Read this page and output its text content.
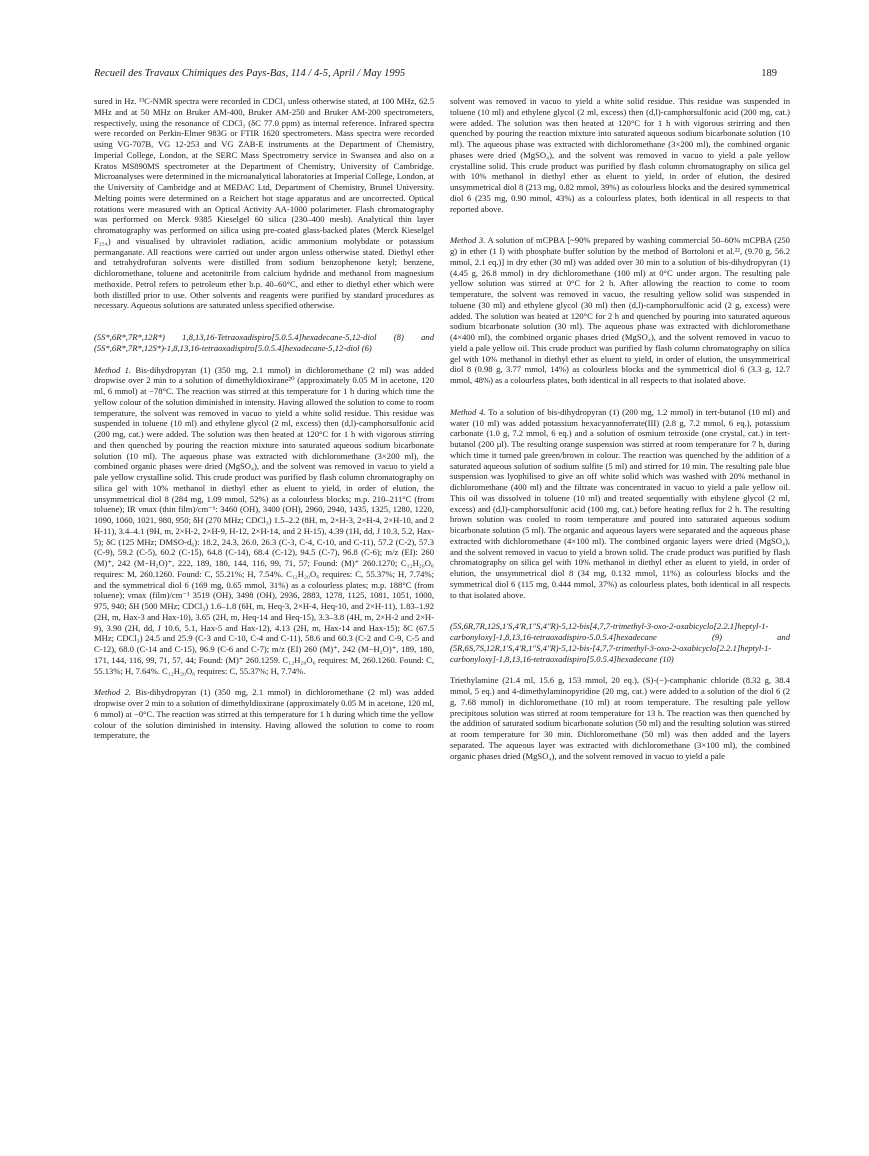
Recueil des Travaux Chimiques des Pays-Bas, 114 / 4-5, April / May 1995	189

sured in Hz. ¹³C-NMR spectra were recorded in CDCl₃ unless otherwise stated, at 100 MHz, 62.5 MHz and at 50 MHz on Bruker AM-400, Bruker AM-250 and Bruker AM-200 spectrometers, respectively, using the resonance of CDCl₃ (δC 77.0 ppm) as internal reference. Infrared spectra were recorded on Perkin-Elmer 983G or FTIR 1620 spectrometers. Mass spectra were recorded using VG-707B, VG 12-253 and VG ZAB-E instruments at the Department of Chemistry, Imperial College, London, at the SERC Mass Spectrometry service in Swansea and also on a Kratos MS890MS spectrometer at the Department of Chemistry, University of Cambridge. Microanalyses were determined in the microanalytical laboratories at Imperial College, London, at the University of Cambridge and at MEDAC Ltd, Department of Chemistry, Brunel University. Melting points were determined on a Reichert hot stage apparatus and are uncorrected. Optical rotations were measured with an Optical Activity AA-1000 polarimeter. Flash chromatography was performed on Merck 9385 Kieselgel 60 silica (230–400 mesh). Analytical thin layer chromatography was performed on silica using pre-coated glass-backed plates (Merck Kieselgel F₂₅₄) and visualised by ultraviolet radiation, acidic ammonium molybdate or potassium permanganate. All reactions were carried out under argon unless otherwise stated. Diethyl ether and tetrahydrofuran solvents were distilled from sodium benzophenone ketyl; benzene, dichloromethane, toluene and acetonitrile from calcium hydride and methanol from magnesium methoxide. Petrol refers to petroleum ether b.p. 40–60°C, and ether to diethyl ether which were both distilled prior to use. Other solvents and reagents were purified by standard procedures as necessary. Aqueous solutions are saturated unless specified otherwise.

(5S*,6R*,7R*,12R*) 1,8,13,16-Tetraoxadispiro[5.0.5.4]hexadecane-5,12-diol (8) and (5S*,6R*,7R*,12S*)-1,8,13,16-tetraoxadispiro[5.0.5.4]hexadecane-5,12-diol (6)

Method 1. Bis-dihydropyran (1) (350 mg, 2.1 mmol) in dichloromethane (2 ml) was added dropwise over 2 min to a solution of dimethyldioxirane²⁰ (approximately 0.05 M in acetone, 120 ml, 6 mmol) at −78°C. The reaction was stirred at this temperature for 1 h during which time the yellow colour of the solution diminished in intensity. Having allowed the solution to come to room temperature, the solvent was removed in vacuo to yield a white solid residue. This residue was suspended in toluene (10 ml) and ethylene glycol (2 ml, excess) then (d,l)-camphorsulfonic acid (200 mg, cat.) were added. The solution was then heated at 120°C for 1 h with vigorous stirring and then quenched by pouring the reaction mixture into saturated aqueous sodium bicarbonate solution (10 ml). The aqueous phase was extracted with dichloromethane (3×200 ml), the combined organic phases were dried (MgSO₄), and the solvent was removed in vacuo to yield a pale yellow crystalline solid. This crude product was purified by flash column chromatography on silica gel with 10% methanol in diethyl ether as eluent to yield, in order of elution, the unsymmetrical diol 8 (284 mg, 1.09 mmol, 52%) as a colourless blocks; m.p. 210–211°C (from toluene); IR νmax (thin film)/cm⁻¹: 3460 (OH), 3400 (OH), 2960, 2940, 1435, 1325, 1280, 1220, 1090, 1060, 1021, 980, 950; δH (270 MHz; CDCl₃) 1.5–2.2 (8H, m, 2×H-3, 2×H-4, 2×H-10, and 2 H-11), 3.4–4.1 (9H, m, 2×H-2, 2×H-9, H-12, 2×H-14, and 2 H-15), 4.39 (1H, dd, J 10.3, 5.2, Hax-5); δC (125 MHz; DMSO-d₆): 18.2, 24.3, 26.0, 26.3 (C-3, C-4, C-10, and C-11), 57.2 (C-2), 57.3 (C-9), 59.2 (C-5), 60.2 (C-15), 64.8 (C-14), 68.4 (C-12), 94.5 (C-7), 96.8 (C-6); m/z (EI): 260 (M)⁺, 242 (M−H₂O)⁺, 222, 189, 180, 144, 116, 99, 71, 57; Found: (M)⁺ 260.1270; C₁₂H₂₀O₆ requires: M, 260.1260. Found: C, 55.21%; H, 7.54%. C₁₂H₂₀O₆ requires: C, 55.37%; H, 7.74%; and the symmetrical diol 6 (169 mg, 0.65 mmol, 31%) as a colourless plates; m.p. 188°C (from toluene); νmax (film)/cm⁻¹ 3519 (OH), 3498 (OH), 2936, 2883, 1278, 1125, 1081, 1051, 1000, 975, 940; δH (500 MHz; CDCl₃) 1.6–1.8 (6H, m, Heq-3, 2×H-4, Heq-10, and 2×H-11), 1.83–1.92 (2H, m, Hax-3 and Hax-10), 3.65 (2H, m, Heq-14 and Heq-15), 3.3–3.8 (4H, m, 2×H-2 and 2×H-9), 3.90 (2H, dd, J 10.6, 5.1, Hax-5 and Hax-12), 4.13 (2H, m, Hax-14 and Hax-15); δC (67.5 MHz; CDCl₃) 24.5 and 25.9 (C-3 and C-10, C-4 and C-11), 58.6 and 60.3 (C-2 and C-9, C-5 and C-12), 68.0 (C-14 and C-15), 96.9 (C-6 and C-7); m/z (EI) 260 (M)⁺, 242 (M−H₂O)⁺, 189, 180, 171, 144, 116, 99, 71, 57, 44; Found: (M)⁺ 260.1259. C₁₂H₂₀O₆ requires: M, 260.1260. Found: C, 55.13%; H, 7.64%. C₁₂H₂₀O₆ requires: C, 55.37%; H, 7.74%.

Method 2. Bis-dihydropyran (1) (350 mg, 2.1 mmol) in dichloromethane (2 ml) was added dropwise over 2 min to a solution of dimethyldioxirane (approximately 0.05 M in acetone, 120 ml, 6 mmol) at −0°C. The reaction was stirred at this temperature for 1 h during which time the yellow colour of the solution diminished in intensity. Having allowed the solution to come to room temperature, the

solvent was removed in vacuo to yield a white solid residue. This residue was suspended in toluene (10 ml) and ethylene glycol (2 ml, excess) then (d,l)-camphorsulfonic acid (200 mg, cat.) were added. The solution was then heated at 120°C for 1 h with vigorous strirring and then quenched by pouring the reaction mixture into saturated aqueous sodium bicarbonate solution (10 ml). The aqueous phase was extracted with dichloromethane (3×200 ml), the combined organic phases were dried (MgSO₄), and the solvent was removed in vacuo to yield a pale yellow crystalline solid. This crude product was purified by flash column chromatography on silica gel with 10% methanol in diethyl ether as eluent to yield, in order of elution, the desired unsymmetrical diol 8 (213 mg, 0.82 mmol, 39%) as colourless blocks and the desired symmetrical diol 6 (235 mg, 0.90 mmol, 43%) as a colourless plates, both identical in all respects to that reported above.

Method 3. A solution of mCPBA [~90% prepared by washing commercial 50–60% mCPBA (250 g) in ether (1 l) with phosphate buffer solution by the method of Bortoloni et al.²², (9.70 g, 56.2 mmol, 2.1 eq.)] in dry ether (30 ml) was added over 30 min to a solution of bis-dihydropyran (1) (4.45 g, 26.8 mmol) in dry dichloromethane (100 ml) at 0°C under argon. The resulting pale yellow solution was stirred at 0°C for 2 h. After allowing the reaction to come to room temperature, the solvent was removed in vacuo, the resulting yellow solid was suspended in toluene (30 ml) and ethylene glycol (30 ml) then (d,l)-camphorsulfonic acid (2 g, excess) were added. The solution was heated at 120°C for 2 h and quenched by pouring into saturated aqueous sodium bicarbonate solution (30 ml). The aqueous phase was extracted with dichloromethane (4×400 ml), the combined organic phases dried (MgSO₄), and the solvent removed in vacuo to yield a pale yellow oil. This crude product was purified by flash column chromatography on silica gel with 10% methanol in diethyl ether as eluent to yield, in order of elution, the unsymmetrical diol 8 (0.98 g, 3.77 mmol, 14%) as colourless blocks and the symmetrical diol 6 (3.3 g, 12.7 mmol, 48%) as a colourless plates, both identical in all respects to that isolated above.

Method 4. To a solution of bis-dihydropyran (1) (200 mg, 1.2 mmol) in tert-butanol (10 ml) and water (10 ml) was added potassium hexacyannoferrate(III) (2.8 g, 7.2 mmol, 6 eq.), potassium carbonate (1.0 g, 7.2 mmol, 6 eq.) and a solution of osmium tetroxide (one crystal, cat.) in tert-butanol (200 µl). The resulting orange suspension was stirred at room temperature for 7 h, during which time it turned pale green/brown in colour. The reaction was quenched by the addition of a saturated aqueous solution of sodium sulfite (5 ml) and stirred for 10 min. The resulting pale blue suspension was lyophilised to give an off white solid which was washed with 20% methanol in dichloromethane (400 ml) and the filtrate was concentrated in vacuo to yield a pale yellow oil. This oil was dissolved in toluene (10 ml) and treated sequentially with ethylene glycol (2 ml, excess) and (d,l)-camphorsulfonic acid (100 mg, cat.) before heating reflux for 2 h. The resulting brown solution was cooled to room temperature and poured into saturated aqueous sodium bicarbonate solution (5 ml). The organic and aqueous layers were separated and the aqueous phase extracted with dichloromethane (4×100 ml). The combined organic layers were dried (MgSO₄), and the solvent removed in vacuo to yield a brown solid. The crude product was purified by flash chromatography on silica gel with 10% methanol in diethyl ether as eluent to yield, in order of elution, the unsymmetrical diol 8 (34 mg, 0.132 mmol, 11%) as colourless blocks and the symmetrical diol 6 (115 mg, 0.444 mmol, 37%) as colourless plates, both identical in all respects to that isolated above.

(5S,6R,7R,12S,1'S,4'R,1''S,4''R)-5,12-bis[4,7,7-trimethyl-3-oxo-2-oxabicyclo[2.2.1]heptyl-1-carbonyloxy]-1,8,13,16-tetraoxadispiro-5.0.5.4]hexadecane (9) and (5R,6S,7S,12R,1'S,4'R,1''S,4''R)-5,12-bis-[4,7,7-trimethyl-3-oxo-2-oxabicyclo[2.2.1]heptyl-1-carbonyloxy]-1,8,13,16-tetraoxadispiro[5.0.5.4]hexadecane (10)

Triethylamine (21.4 ml, 15.6 g, 153 mmol, 20 eq.), (S)-(−)-camphanic chloride (8.32 g, 38.4 mmol, 5 eq.) and 4-dimethylaminopyridine (20 mg, cat.) were added to a solution of the diol 6 (2 g, 7.68 mmol) in dichloromethane (10 ml) at room temperature. The resulting pale yellow precipitous solution was stirred at room temperature for 13 h. The reaction was then quenched by the addition of saturated sodium bicarbonate solution (50 ml) and the resulting solution was stirred at room temperature for 30 min. Dichloromethane (50 ml) was then added and the layers separated. The aqueous layer was extracted with dichloromethane (3×100 ml), the combined organic phases dried (MgSO₄), and the solvent removed in vacuo to yield a pale
